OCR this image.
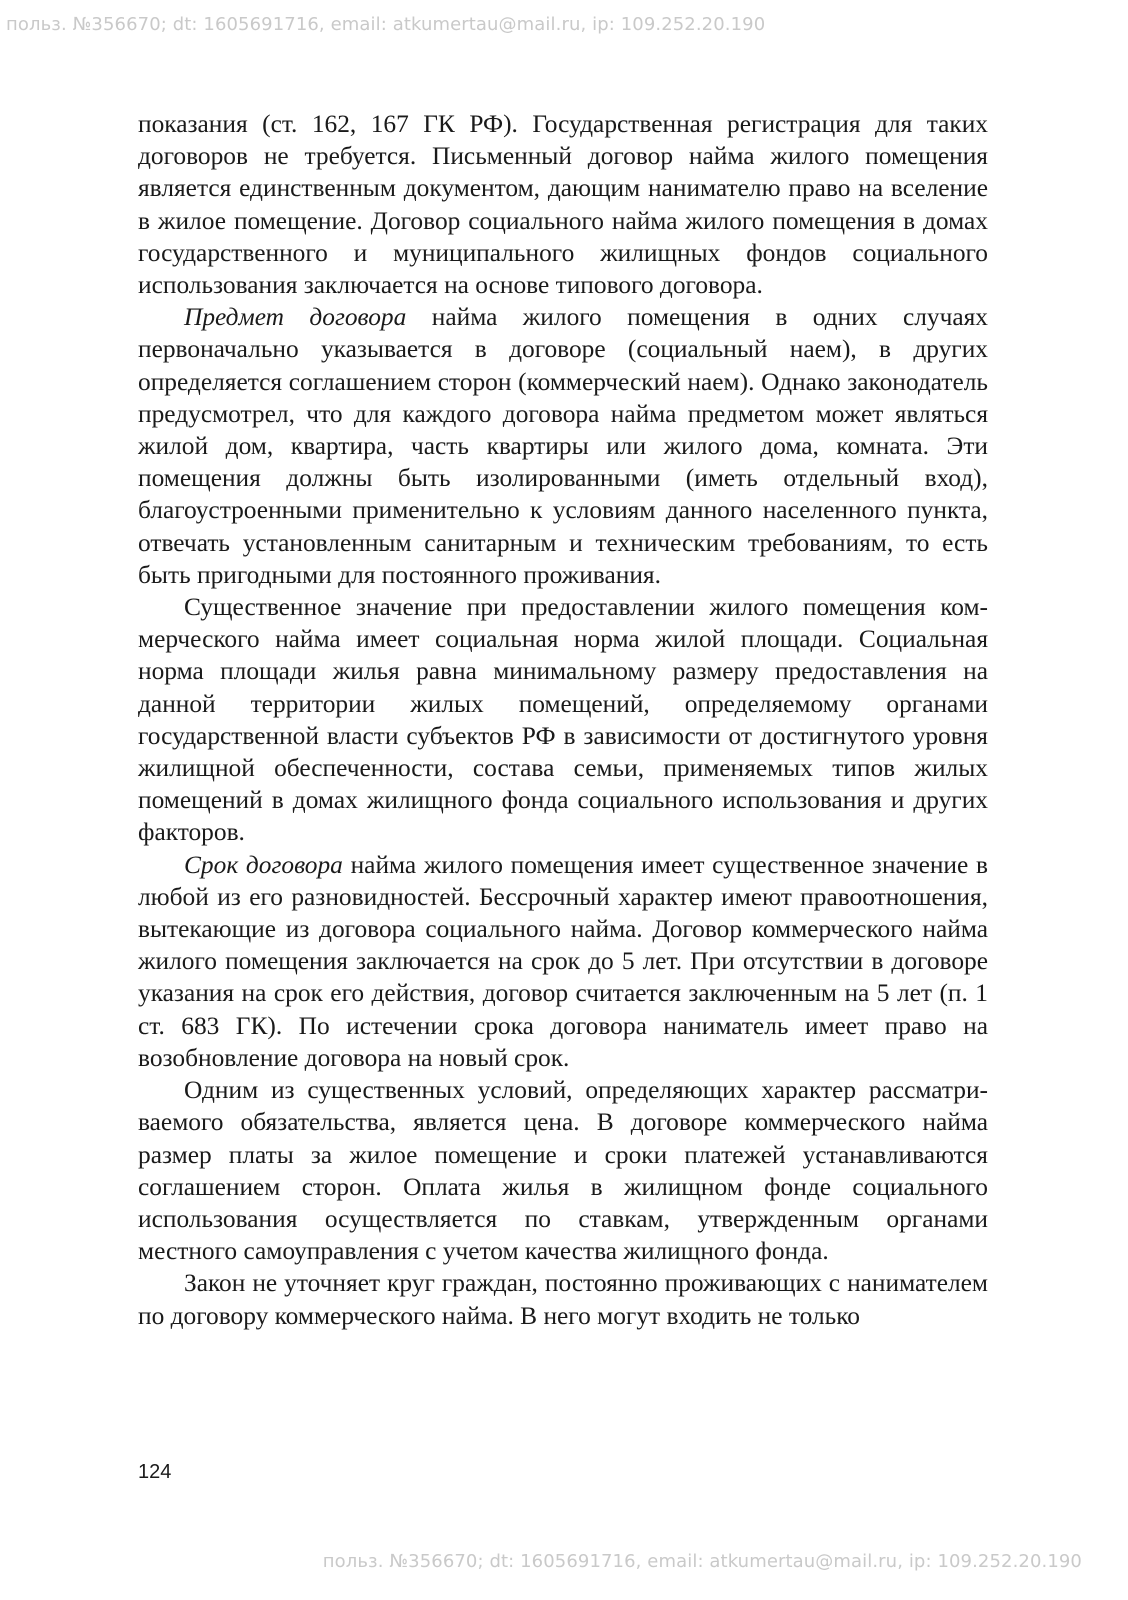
польз. №356670; dt: 1605691716, email: atkumertau@mail.ru, ip: 109.252.20.190

показания (ст. 162, 167 ГК РФ). Государственная регистрация для таких договоров не требуется. Письменный договор найма жилого помещения является единственным документом, дающим нанимателю право на вселение в жилое помещение. Договор социального найма жилого помещения в домах государственного и муниципального жилищных фондов социального использования заключается на основе типового договора.

Предмет договора найма жилого помещения в одних случаях первоначально указывается в договоре (социальный наем), в других определяется соглашением сторон (коммерческий наем). Однако законодатель предусмотрел, что для каждого договора найма предметом может являться жилой дом, квартира, часть квартиры или жилого дома, комната. Эти помещения должны быть изолированными (иметь отдельный вход), благоустроенными применительно к условиям данного населенного пункта, отвечать установленным санитарным и техническим требованиям, то есть быть пригодными для постоянного проживания.

Существенное значение при предоставлении жилого помещения коммерческого найма имеет социальная норма жилой площади. Социальная норма площади жилья равна минимальному размеру предоставления на данной территории жилых помещений, определяемому органами государственной власти субъектов РФ в зависимости от достигнутого уровня жилищной обеспеченности, состава семьи, применяемых типов жилых помещений в домах жилищного фонда социального использования и других факторов.

Срок договора найма жилого помещения имеет существенное значение в любой из его разновидностей. Бессрочный характер имеют правоотношения, вытекающие из договора социального найма. Договор коммерческого найма жилого помещения заключается на срок до 5 лет. При отсутствии в договоре указания на срок его действия, договор считается заключенным на 5 лет (п. 1 ст. 683 ГК). По истечении срока договора наниматель имеет право на возобновление договора на новый срок.

Одним из существенных условий, определяющих характер рассматриваемого обязательства, является цена. В договоре коммерческого найма размер платы за жилое помещение и сроки платежей устанавливаются соглашением сторон. Оплата жилья в жилищном фонде социального использования осуществляется по ставкам, утвержденным органами местного самоуправления с учетом качества жилищного фонда.

Закон не уточняет круг граждан, постоянно проживающих с нанимателем по договору коммерческого найма. В него могут входить не только

124
польз. №356670; dt: 1605691716, email: atkumertau@mail.ru, ip: 109.252.20.190
